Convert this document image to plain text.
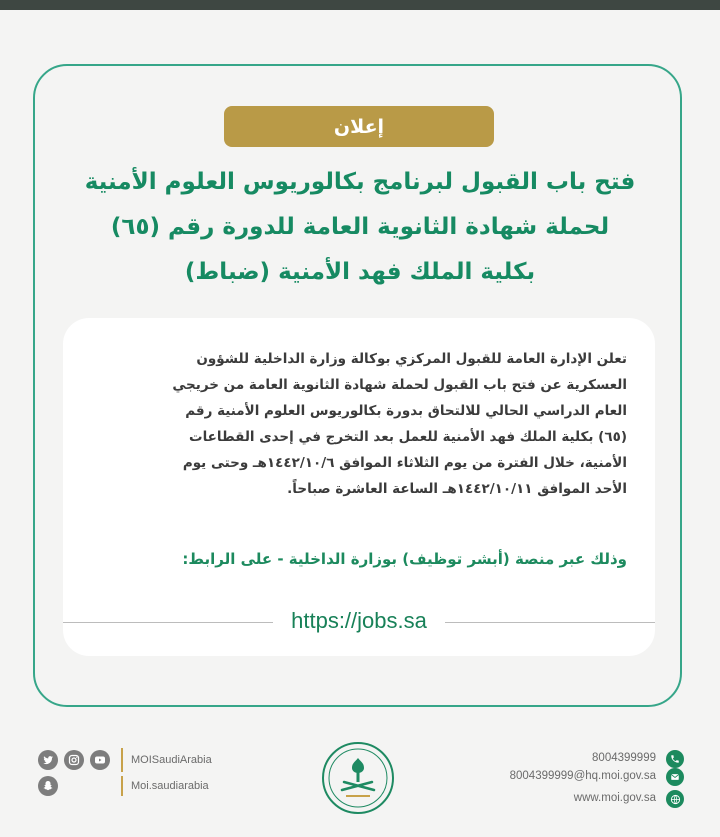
إعلان
فتح باب القبول لبرنامج بكالوريوس العلوم الأمنية
لحملة شهادة الثانوية العامة للدورة رقم (٦٥)
بكلية الملك فهد الأمنية (ضباط)
تعلن الإدارة العامة للقبول المركزي بوكالة وزارة الداخلية للشؤون
العسكرية عن فتح باب القبول لحملة شهادة الثانوية العامة من خريجي
العام الدراسي الحالي للالتحاق بدورة بكالوريوس العلوم الأمنية رقم
(٦٥) بكلية الملك فهد الأمنية للعمل بعد التخرج في إحدى القطاعات
الأمنية، خلال الفترة من يوم الثلاثاء الموافق ١٤٤٢/١٠/٦هـ وحتى يوم
الأحد الموافق ١٤٤٢/١٠/١١هـ الساعة العاشرة صباحاً.
وذلك عبر منصة (أبشر توظيف) بوزارة الداخلية - على الرابط:
https://jobs.sa
MOISaudiArabia
Moi.saudiarabia
8004399999
8004399999@hq.moi.gov.sa
www.moi.gov.sa
